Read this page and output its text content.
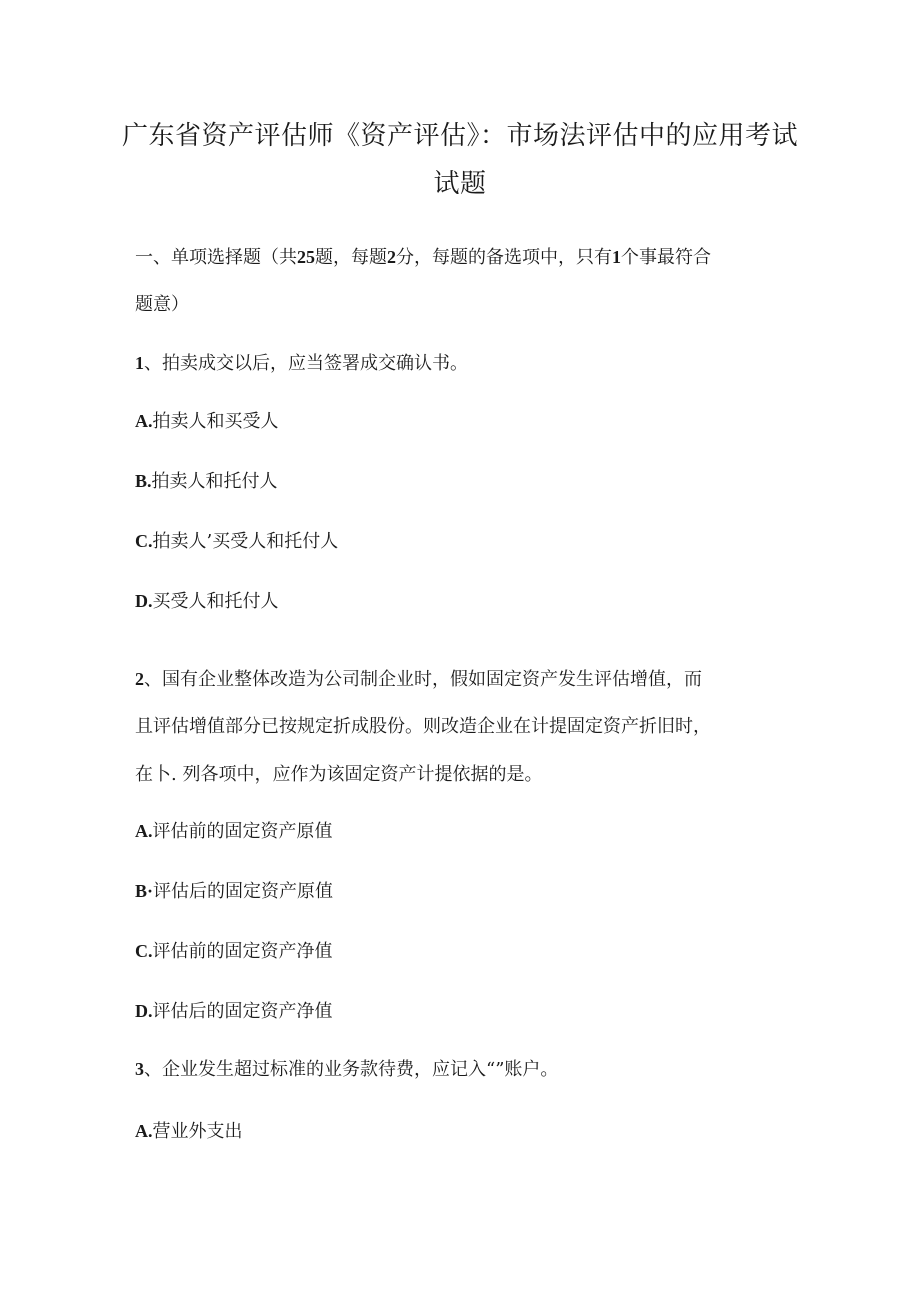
广东省资产评估师《资产评估》：市场法评估中的应用考试
试题
一、单项选择题（共25题，每题2分，每题的备选项中，只有1个事最符合
题意）
1、拍卖成交以后，应当签署成交确认书。
A.拍卖人和买受人
B.拍卖人和托付人
C.拍卖人’买受人和托付人
D.买受人和托付人
2、国有企业整体改造为公司制企业时，假如固定资产发生评估增值，而
且评估增值部分已按规定折成股份。则改造企业在计提固定资产折旧时，
在卜. 列各项中，应作为该固定资产计提依据的是。
A.评估前的固定资产原值
B·评估后的固定资产原值
C.评估前的固定资产净值
D.评估后的固定资产净值
3、企业发生超过标准的业务款待费，应记入“”账户。
A.营业外支出
